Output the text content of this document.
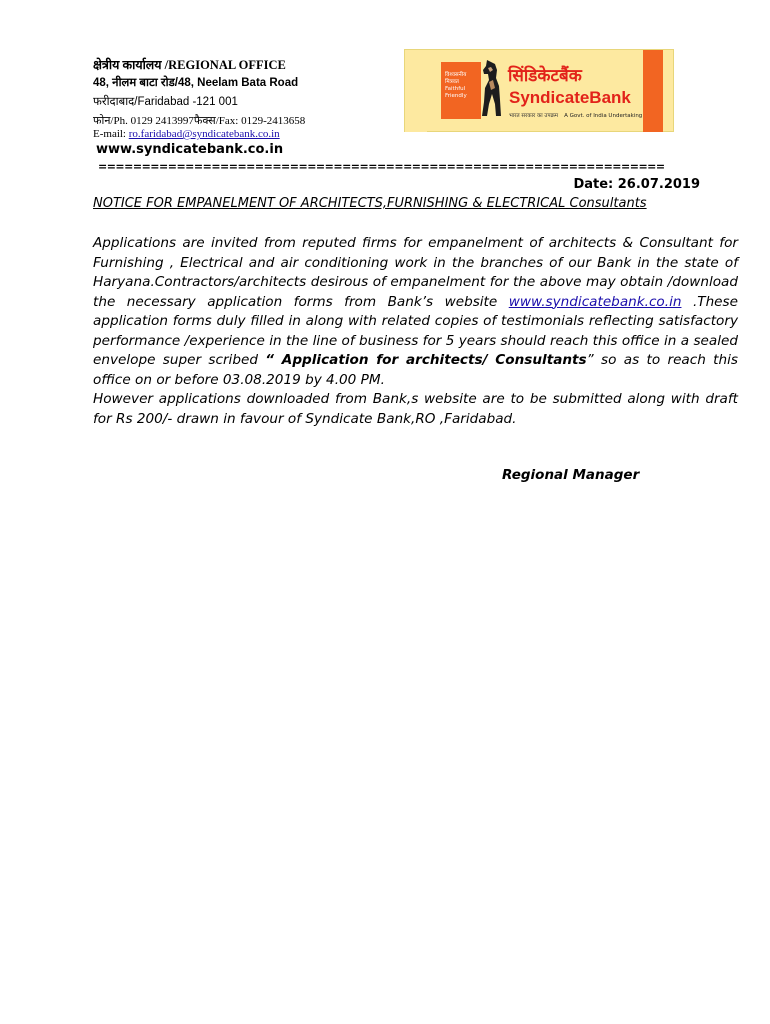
क्षेत्रीय कार्यालय /REGIONAL OFFICE
48, नीलम बाटा रोड/48, Neelam Bata Road
फरीदाबाद/Faridabad -121 001
फोन/Ph. 0129 2413997फैक्स/Fax: 0129-2413658
E-mail: ro.faridabad@syndicatebank.co.in
www.syndicatebank.co.in
=================================================================
विश्वसनीय मित्रवत Faithful Friendly
सिंडिकेटबैंक
SyndicateBank
भारत सरकार का उपक्रम A Govt. of India Undertaking
Date: 26.07.2019
NOTICE FOR EMPANELMENT OF ARCHITECTS,FURNISHING & ELECTRICAL Consultants

Applications are invited from reputed firms for empanelment of architects & Consultant for Furnishing , Electrical and air conditioning work in the branches of our Bank in the state of Haryana.Contractors/architects desirous of empanelment for the above may obtain /download the necessary application forms from Bank’s website www.syndicatebank.co.in .These application forms duly filled in along with related copies of testimonials reflecting satisfactory performance /experience in the line of business for 5 years should reach this office in a sealed envelope super scribed “ Application for architects/ Consultants” so as to reach this office on or before 03.08.2019 by 4.00 PM.

However applications downloaded from Bank,s website are to be submitted along with draft for Rs 200/- drawn in favour of Syndicate Bank,RO ,Faridabad.

Regional Manager
